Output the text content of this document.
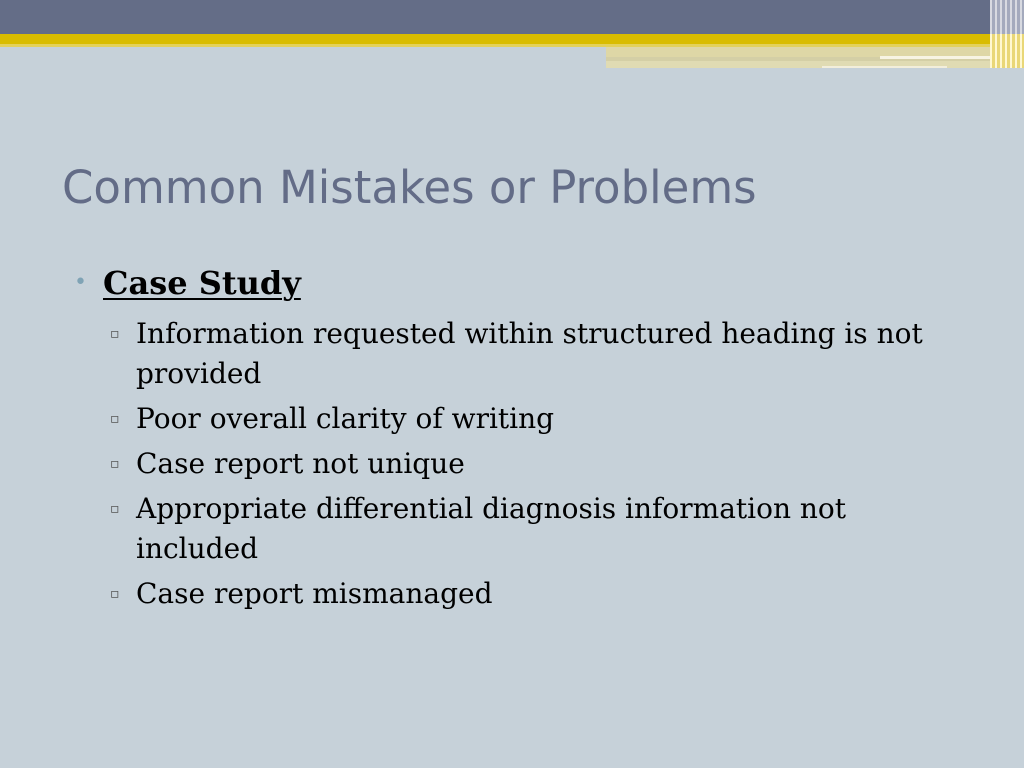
Common Mistakes or Problems
• Case Study
▫ Information requested within structured heading is not provided
▫ Poor overall clarity of writing
▫ Case report not unique
▫ Appropriate differential diagnosis information not included
▫ Case report mismanaged
